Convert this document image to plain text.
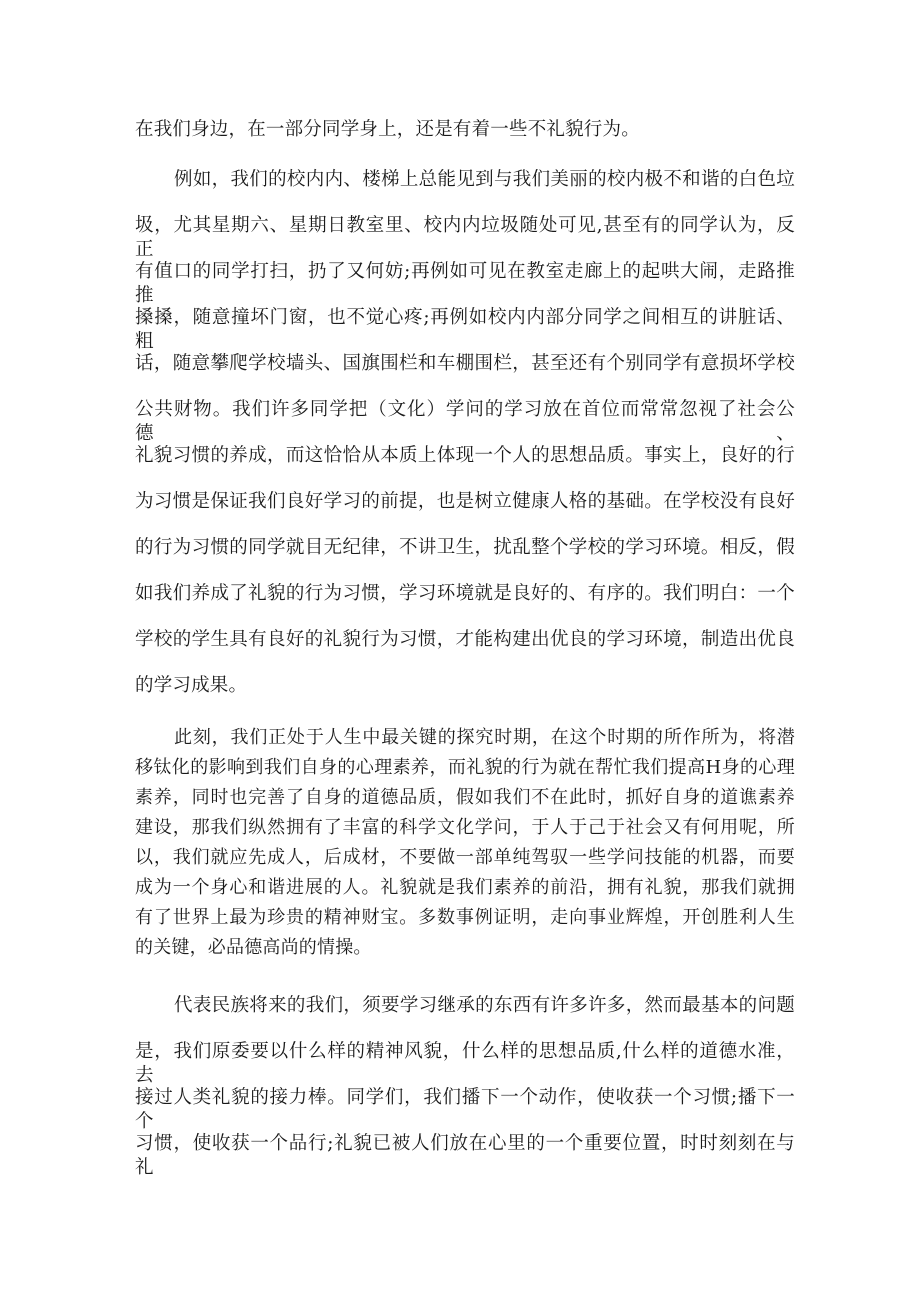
在我们身边，在一部分同学身上，还是有着一些不礼貌行为。
例如，我们的校内内、楼梯上总能见到与我们美丽的校内极不和谐的白色垃
圾，尤其星期六、星期日教室里、校内内垃圾随处可见,甚至有的同学认为，反正
有值口的同学打扫，扔了又何妨;再例如可见在教室走廊上的起哄大闹，走路推推
搡搡，随意撞坏门窗，也不觉心疼;再例如校内内部分同学之间相互的讲脏话、粗
话，随意攀爬学校墙头、国旗围栏和车棚围栏，甚至还有个别同学有意损坏学校
公共财物。我们许多同学把（文化）学问的学习放在首位而常常忽视了社会公德、
礼貌习惯的养成，而这恰恰从本质上体现一个人的思想品质。事实上，良好的行
为习惯是保证我们良好学习的前提，也是树立健康人格的基础。在学校没有良好
的行为习惯的同学就目无纪律，不讲卫生，扰乱整个学校的学习环境。相反，假
如我们养成了礼貌的行为习惯，学习环境就是良好的、有序的。我们明白：一个
学校的学生具有良好的礼貌行为习惯，才能构建出优良的学习环境，制造出优良
的学习成果。
此刻，我们正处于人生中最关键的探究时期，在这个时期的所作所为，将潜
移钛化的影响到我们自身的心理素养，而礼貌的行为就在帮忙我们提高H身的心理
素养，同时也完善了自身的道德品质，假如我们不在此时，抓好自身的道谯素养
建设，那我们纵然拥有了丰富的科学文化学问，于人于己于社会又有何用呢，所
以，我们就应先成人，后成材，不要做一部单纯驾驭一些学问技能的机器，而要
成为一个身心和谐进展的人。礼貌就是我们素养的前沿，拥有礼貌，那我们就拥
有了世界上最为珍贵的精神财宝。多数事例证明，走向事业辉煌，开创胜利人生
的关键，必品德高尚的情操。
代表民族将来的我们，须要学习继承的东西有许多许多，然而最基本的问题
是，我们原委要以什么样的精神风貌，什么样的思想品质,什么样的道德水准，去
接过人类礼貌的接力棒。同学们，我们播下一个动作，使收获一个习惯;播下一个
习惯，使收获一个品行;礼貌已被人们放在心里的一个重要位置，时时刻刻在与礼
